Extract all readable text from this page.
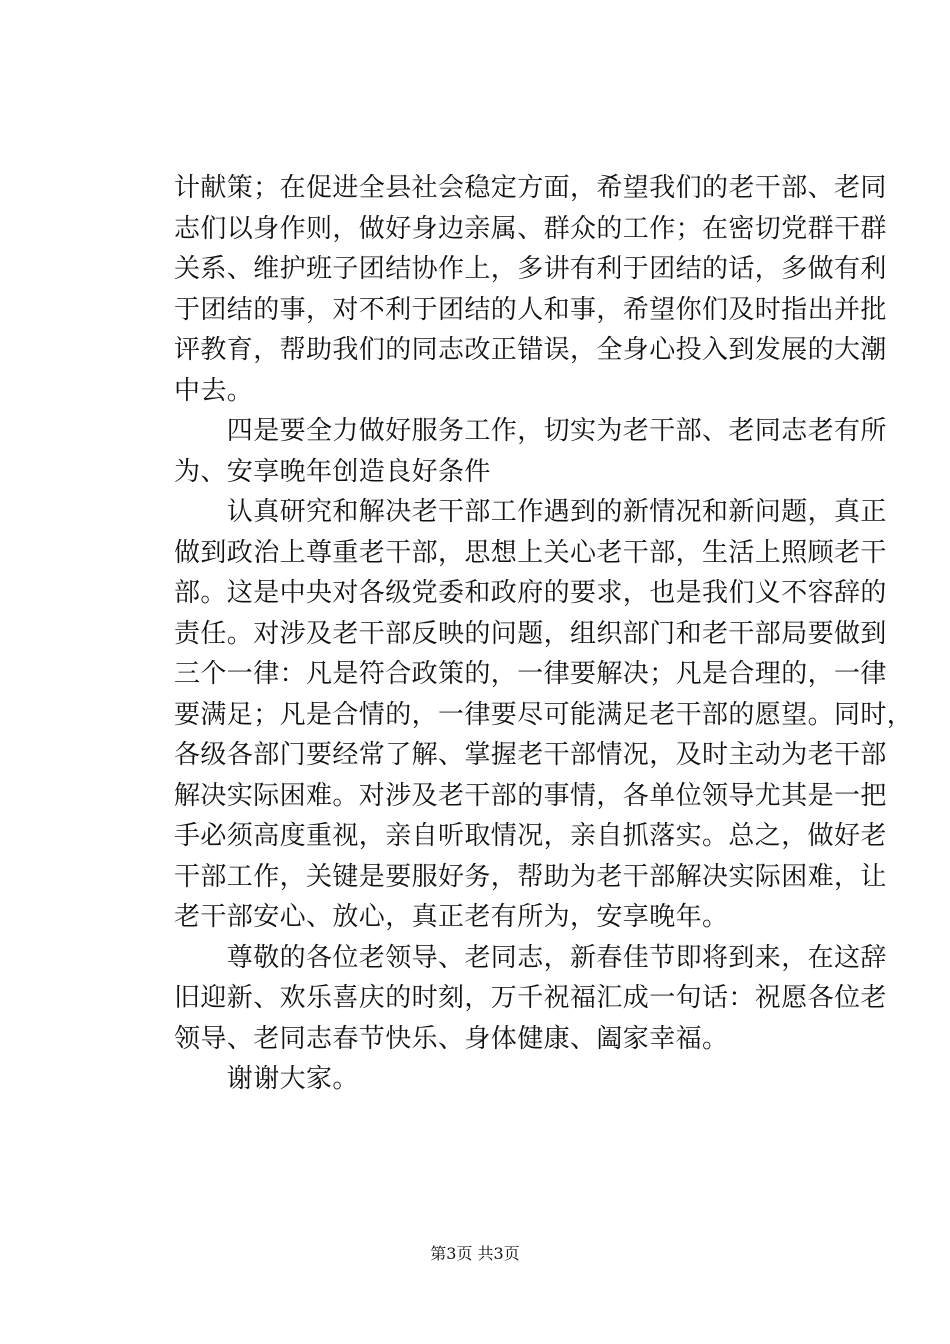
计献策；在促进全县社会稳定方面，希望我们的老干部、老同
志们以身作则，做好身边亲属、群众的工作；在密切党群干群
关系、维护班子团结协作上，多讲有利于团结的话，多做有利
于团结的事，对不利于团结的人和事，希望你们及时指出并批
评教育，帮助我们的同志改正错误，全身心投入到发展的大潮
中去。
　　四是要全力做好服务工作，切实为老干部、老同志老有所
为、安享晚年创造良好条件
　　认真研究和解决老干部工作遇到的新情况和新问题，真正
做到政治上尊重老干部，思想上关心老干部，生活上照顾老干
部。这是中央对各级党委和政府的要求，也是我们义不容辞的
责任。对涉及老干部反映的问题，组织部门和老干部局要做到
三个一律：凡是符合政策的，一律要解决；凡是合理的，一律
要满足；凡是合情的，一律要尽可能满足老干部的愿望。同时，
各级各部门要经常了解、掌握老干部情况，及时主动为老干部
解决实际困难。对涉及老干部的事情，各单位领导尤其是一把
手必须高度重视，亲自听取情况，亲自抓落实。总之，做好老
干部工作，关键是要服好务，帮助为老干部解决实际困难，让
老干部安心、放心，真正老有所为，安享晚年。
　　尊敬的各位老领导、老同志，新春佳节即将到来，在这辞
旧迎新、欢乐喜庆的时刻，万千祝福汇成一句话：祝愿各位老
领导、老同志春节快乐、身体健康、阖家幸福。
　　谢谢大家。
第3页 共3页
